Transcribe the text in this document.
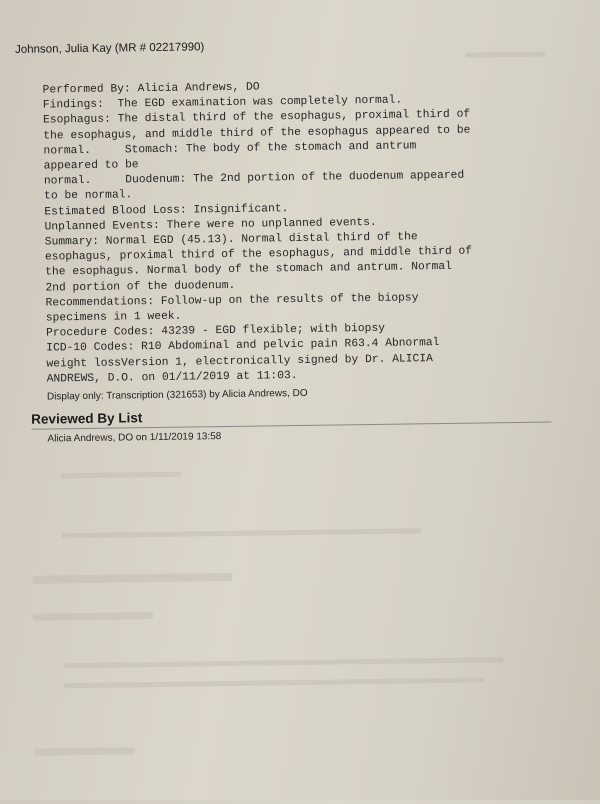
Johnson, Julia Kay (MR # 02217990)
Performed By: Alicia Andrews, DO
Findings:  The EGD examination was completely normal.
Esophagus: The distal third of the esophagus, proximal third of
the esophagus, and middle third of the esophagus appeared to be
normal.     Stomach: The body of the stomach and antrum
appeared to be
normal.     Duodenum: The 2nd portion of the duodenum appeared
to be normal.
Estimated Blood Loss: Insignificant.
Unplanned Events: There were no unplanned events.
Summary: Normal EGD (45.13). Normal distal third of the
esophagus, proximal third of the esophagus, and middle third of
the esophagus. Normal body of the stomach and antrum. Normal
2nd portion of the duodenum.
Recommendations: Follow-up on the results of the biopsy
specimens in 1 week.
Procedure Codes: 43239 - EGD flexible; with biopsy
ICD-10 Codes: R10 Abdominal and pelvic pain R63.4 Abnormal
weight lossVersion 1, electronically signed by Dr. ALICIA
ANDREWS, D.O. on 01/11/2019 at 11:03.
Display only: Transcription (321653) by Alicia Andrews, DO
Reviewed By List
Alicia Andrews, DO on 1/11/2019 13:58
